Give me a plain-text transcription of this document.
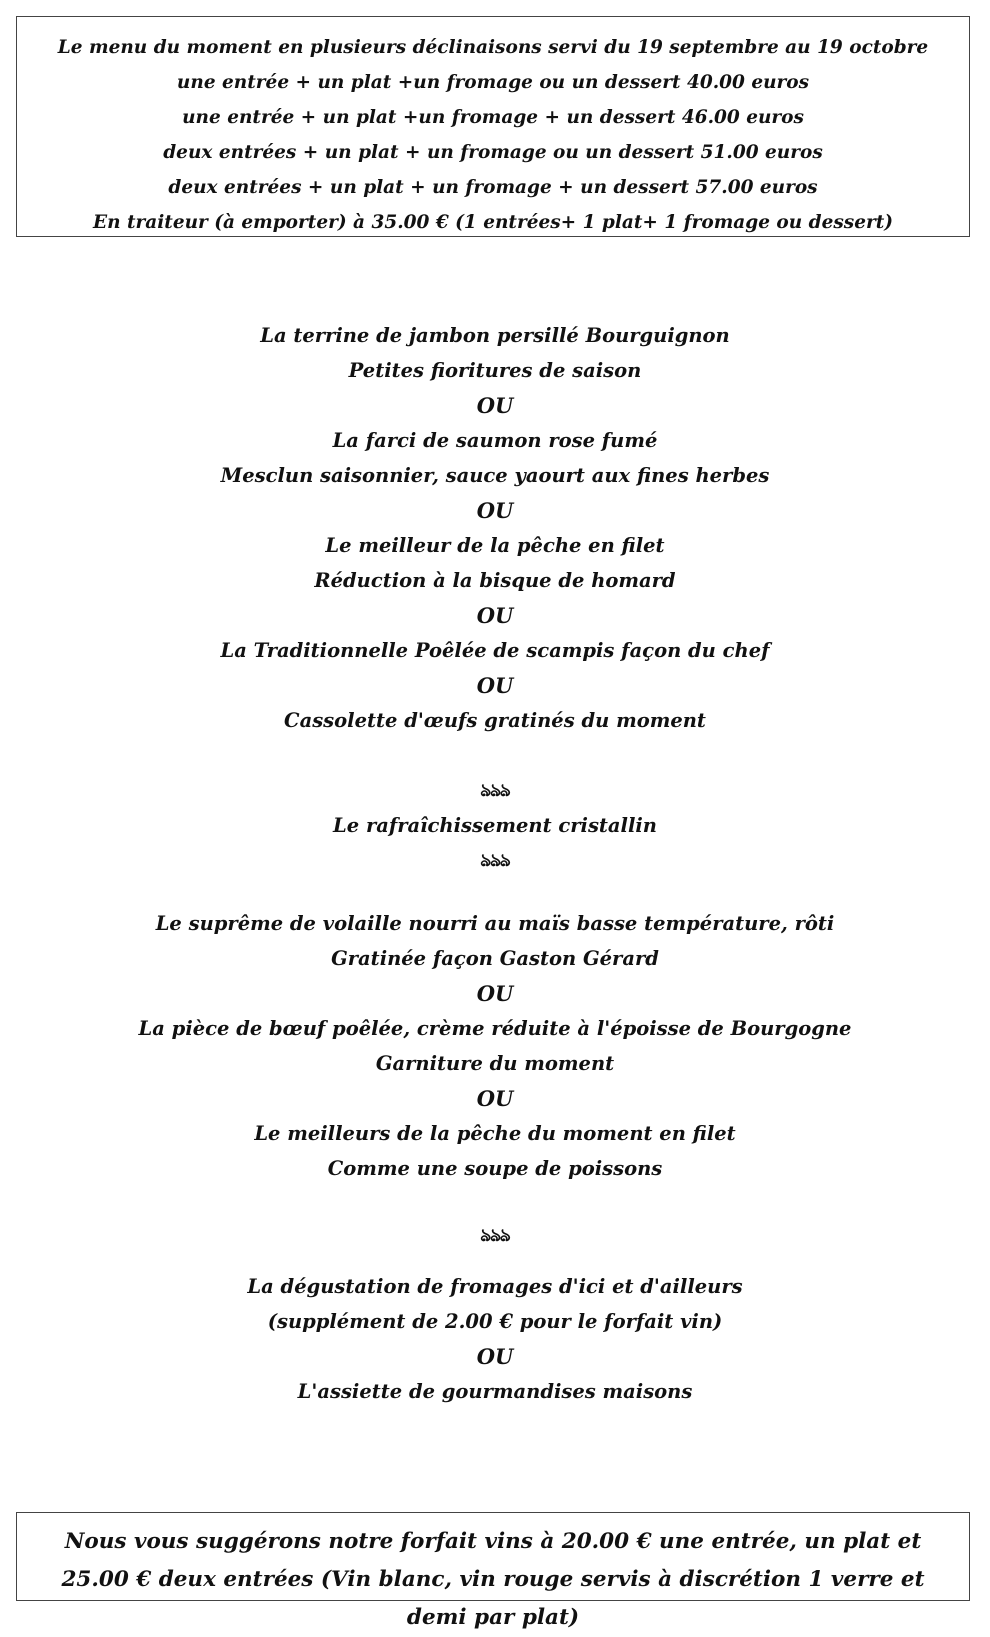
Le menu du moment en plusieurs déclinaisons servi du 19 septembre au 19 octobre
une entrée + un plat +un fromage ou un dessert 40.00 euros
une entrée + un plat +un fromage + un dessert 46.00 euros
deux entrées + un plat + un fromage ou un dessert 51.00 euros
deux entrées + un plat + un fromage + un dessert 57.00 euros
En traiteur (à emporter) à 35.00 € (1 entrées+ 1 plat+ 1 fromage ou dessert)
La terrine de jambon persillé Bourguignon
Petites fioritures de saison
OU
La farci de saumon rose fumé
Mesclun saisonnier, sauce yaourt aux fines herbes
OU
Le meilleur de la pêche en filet
Réduction à la bisque de homard
OU
La Traditionnelle Poêlée de scampis façon du chef
OU
Cassolette d'œufs gratinés du moment
ঌঌঌ
Le rafraîchissement cristallin
ঌঌঌ
Le suprême de volaille nourri au maïs basse température, rôti
Gratinée façon Gaston Gérard
OU
La pièce de bœuf poêlée, crème réduite à l'époisse de Bourgogne
Garniture du moment
OU
Le meilleurs de la pêche du moment en filet
Comme une soupe de poissons
ঌঌঌ
La dégustation de fromages d'ici et d'ailleurs
(supplément de 2.00 € pour le forfait vin)
OU
L'assiette de gourmandises maisons
Nous vous suggérons notre forfait vins à 20.00 € une entrée, un plat et 25.00 € deux entrées (Vin blanc, vin rouge servis à discrétion 1 verre et demi par plat)
